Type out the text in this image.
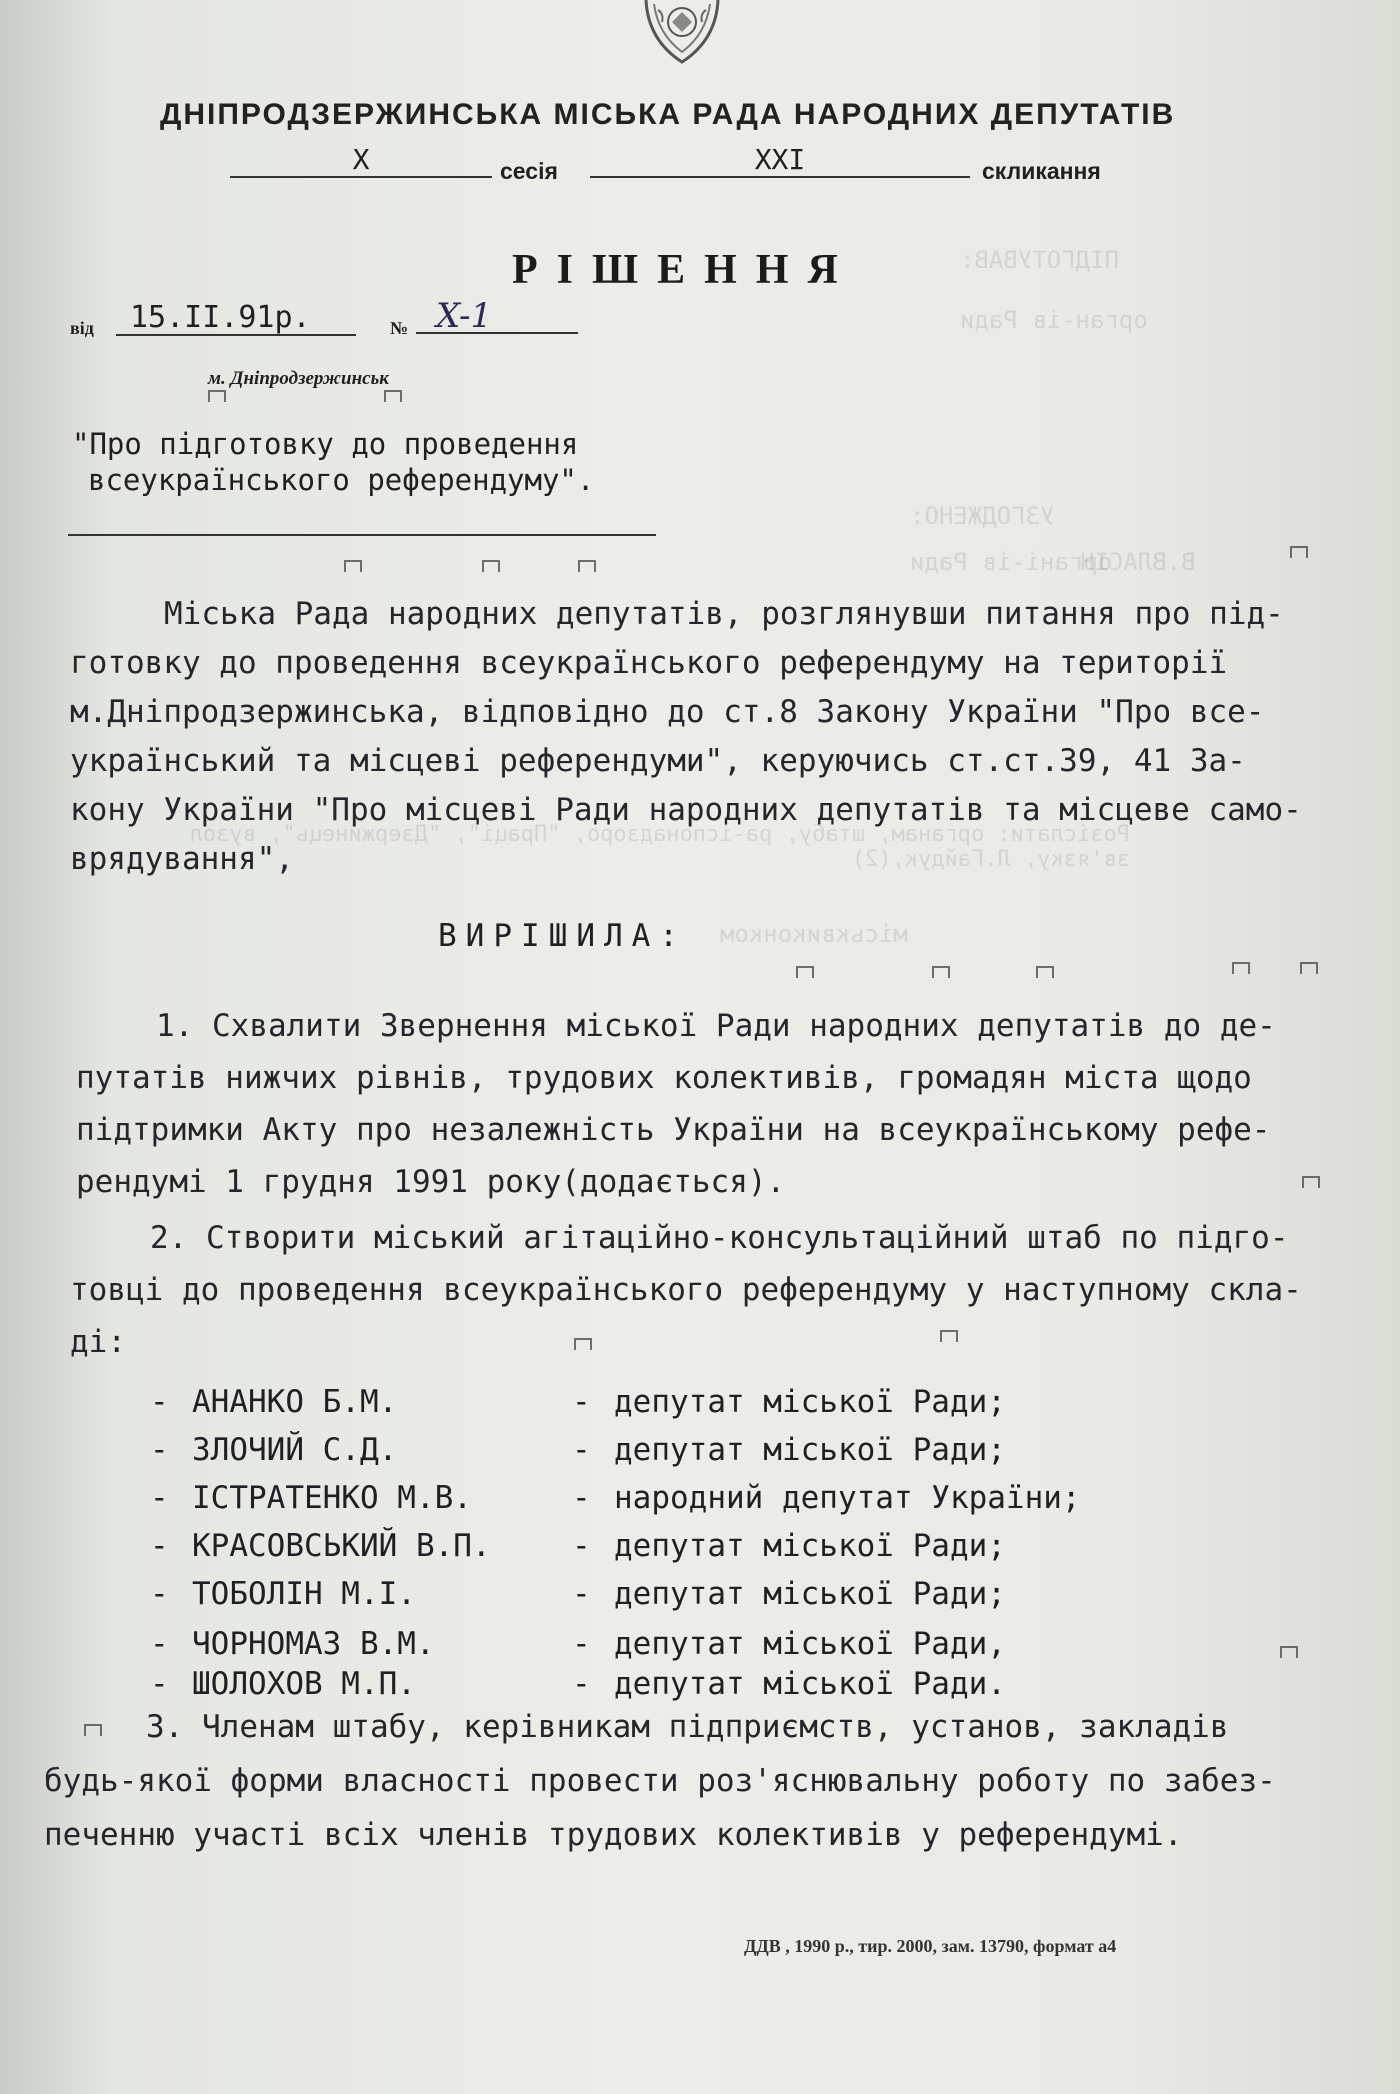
ПІДГОТУВАВ:
орган-ів Ради
УЗГОДЖЕНО:
органі-ів Ради
В.ВЛАСІН
Розіслати: органам, штабу, ра-іспонадзорo, "Праці", "Дзержинець", вузол зв'язку, Л.Гайдук,(2)
міськвиконком
ДНІПРОДЗЕРЖИНСЬКА МІСЬКА РАДА НАРОДНИХ ДЕПУТАТІВ
X	сесія	XXI	скликання
РІШЕННЯ
від	15.II.91р.	№ X-1
м. Дніпродзержинськ
"Про підготовку до проведення
всеукраїнського референдуму".
Міська Рада народних депутатів, розглянувши питання про під-
готовку до проведення всеукраїнського референдуму на території
м.Дніпродзержинська, відповідно до ст.8 Закону України "Про все-
український та місцеві референдуми", керуючись ст.ст.39, 41 За-
кону України "Про місцеві Ради народних депутатів та місцеве само-
врядування",
ВИРІШИЛА:
1. Схвалити Звернення міської Ради народних депутатів до де-
путатів нижчих рівнів, трудових колективів, громадян міста щодо
підтримки Акту про незалежність України на всеукраїнському рефе-
рендумі 1 грудня 1991 року(додається).
2. Створити міський агітаційно-консультаційний штаб по підго-
товці до проведення всеукраїнського референдуму у наступному скла-
ді:
- АНАНКО Б.М.	- депутат міської Ради;
- ЗЛОЧИЙ С.Д.	- депутат міської Ради;
- ІСТРАТЕНКО М.В.	- народний депутат України;
- КРАСОВСЬКИЙ В.П.	- депутат міської Ради;
- ТОБОЛІН М.І.	- депутат міської Ради;
- ЧОРНОМАЗ В.М.	- депутат міської Ради,
- ШОЛОХОВ М.П.	- депутат міської Ради.
3. Членам штабу, керівникам підприємств, установ, закладів
будь-якої форми власності провести роз'яснювальну роботу по забез-
печенню участі всіх членів трудових колективів у референдумі.
ДДВ , 1990 р., тир. 2000, зам. 13790, формат а4
